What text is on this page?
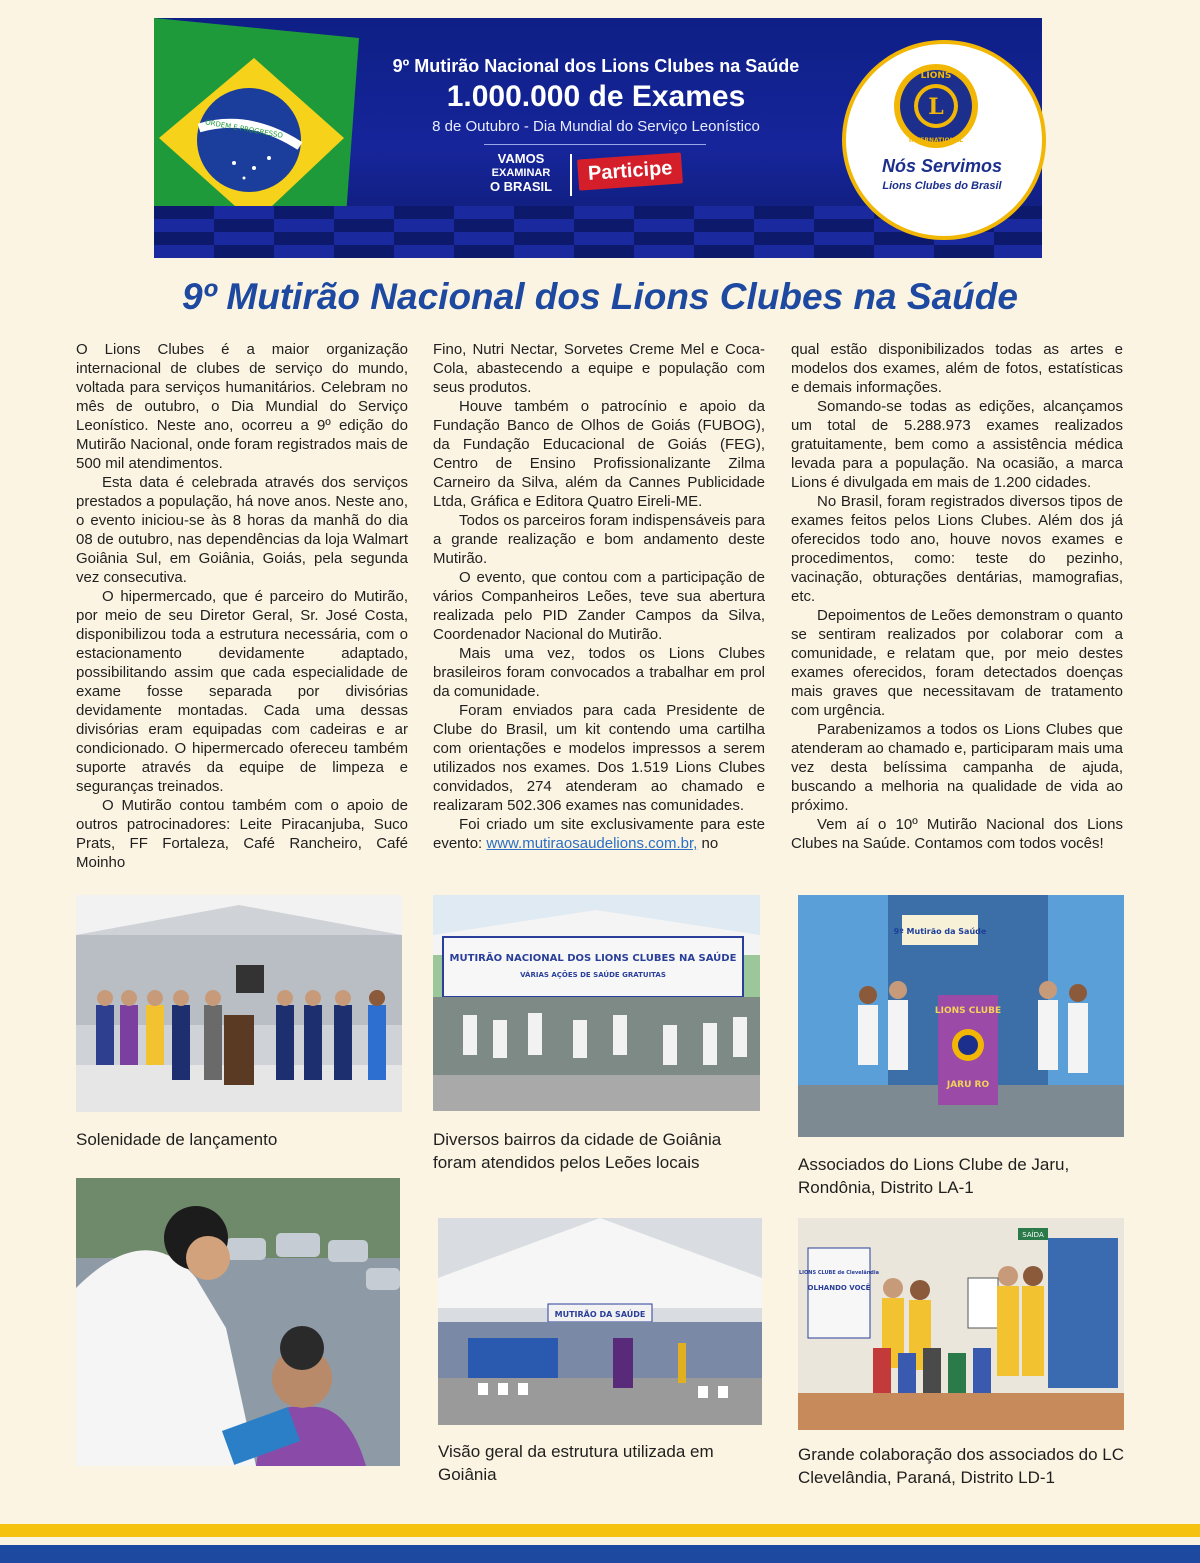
ORDEM E PROGRESSO
9º Mutirão Nacional dos Lions Clubes na Saúde
1.000.000 de Exames
8 de Outubro - Dia Mundial do Serviço Leonístico
VAMOS
EXAMINAR
O BRASIL
Participe
L
LIONS
INTERNATIONAL
Nós Servimos
Lions Clubes do Brasil
9º Mutirão Nacional dos Lions Clubes na Saúde

O Lions Clubes é a maior organização internacional de clubes de serviço do mundo, voltada para serviços humanitários. Celebram no mês de outubro, o Dia Mundial do Serviço Leonístico. Neste ano, ocorreu a 9º edição do Mutirão Nacional, onde foram registrados mais de 500 mil atendimentos.

Esta data é celebrada através dos serviços prestados a população, há nove anos. Neste ano, o evento iniciou-se às 8 horas da manhã do dia 08 de outubro, nas dependências da loja Walmart Goiânia Sul, em Goiânia, Goiás, pela segunda vez consecutiva.

O hipermercado, que é parceiro do Mutirão, por meio de seu Diretor Geral, Sr. José Costa, disponibilizou toda a estrutura necessária, com o estacionamento devidamente adaptado, possibilitando assim que cada especialidade de exame fosse separada por divisórias devidamente montadas. Cada uma dessas divisórias eram equipadas com cadeiras e ar condicionado. O hipermercado ofereceu também suporte através da equipe de limpeza e seguranças treinados.

O Mutirão contou também com o apoio de outros patrocinadores: Leite Piracanjuba, Suco Prats, FF Fortaleza, Café Rancheiro, Café Moinho

Fino, Nutri Nectar, Sorvetes Creme Mel e Coca-Cola, abastecendo a equipe e população com seus produtos.

Houve também o patrocínio e apoio da Fundação Banco de Olhos de Goiás (FUBOG), da Fundação Educacional de Goiás (FEG), Centro de Ensino Profissionalizante Zilma Carneiro da Silva, além da Cannes Publicidade Ltda, Gráfica e Editora Quatro Eireli-ME.

Todos os parceiros foram indispensáveis para a grande realização e bom andamento deste Mutirão.

O evento, que contou com a participação de vários Companheiros Leões, teve sua abertura realizada pelo PID Zander Campos da Silva, Coordenador Nacional do Mutirão.

Mais uma vez, todos os Lions Clubes brasileiros foram convocados a trabalhar em prol da comunidade.

Foram enviados para cada Presidente de Clube do Brasil, um kit contendo uma cartilha com orientações e modelos impressos a serem utilizados nos exames. Dos 1.519 Lions Clubes convidados, 274 atenderam ao chamado e realizaram 502.306 exames nas comunidades.

Foi criado um site exclusivamente para este evento: www.mutiraosaudelions.com.br, no

qual estão disponibilizados todas as artes e modelos dos exames, além de fotos, estatísticas e demais informações.

Somando-se todas as edições, alcançamos um total de 5.288.973 exames realizados gratuitamente, bem como a assistência médica levada para a população. Na ocasião, a marca Lions é divulgada em mais de 1.200 cidades.

No Brasil, foram registrados diversos tipos de exames feitos pelos Lions Clubes. Além dos já oferecidos todo ano, houve novos exames e procedimentos, como: teste do pezinho, vacinação, obturações dentárias, mamografias, etc.

Depoimentos de Leões demonstram o quanto se sentiram realizados por colaborar com a comunidade, e relatam que, por meio destes exames oferecidos, foram detectados doenças mais graves que necessitavam de tratamento com urgência.

Parabenizamos a todos os Lions Clubes que atenderam ao chamado e, participaram mais uma vez desta belíssima campanha de ajuda, buscando a melhoria na qualidade de vida ao próximo.

Vem aí o 10º Mutirão Nacional dos Lions Clubes na Saúde. Contamos com todos vocês!

Solenidade de lançamento
MUTIRÃO NACIONAL DOS LIONS CLUBES NA SAÚDE
VÁRIAS AÇÕES DE SAÚDE GRATUITAS
Diversos bairros da cidade de Goiânia foram atendidos pelos Leões locais
9º Mutirão da Saúde
LIONS CLUBE
JARU RO
Associados do Lions Clube de Jaru, Rondônia, Distrito LA-1
MUTIRÃO DA SAÚDE
Visão geral da estrutura utilizada em Goiânia
SAÍDA
LIONS CLUBE de Clevelândia
OLHANDO VOCÊ
Grande colaboração dos associados do LC Clevelândia, Paraná, Distrito LD-1
